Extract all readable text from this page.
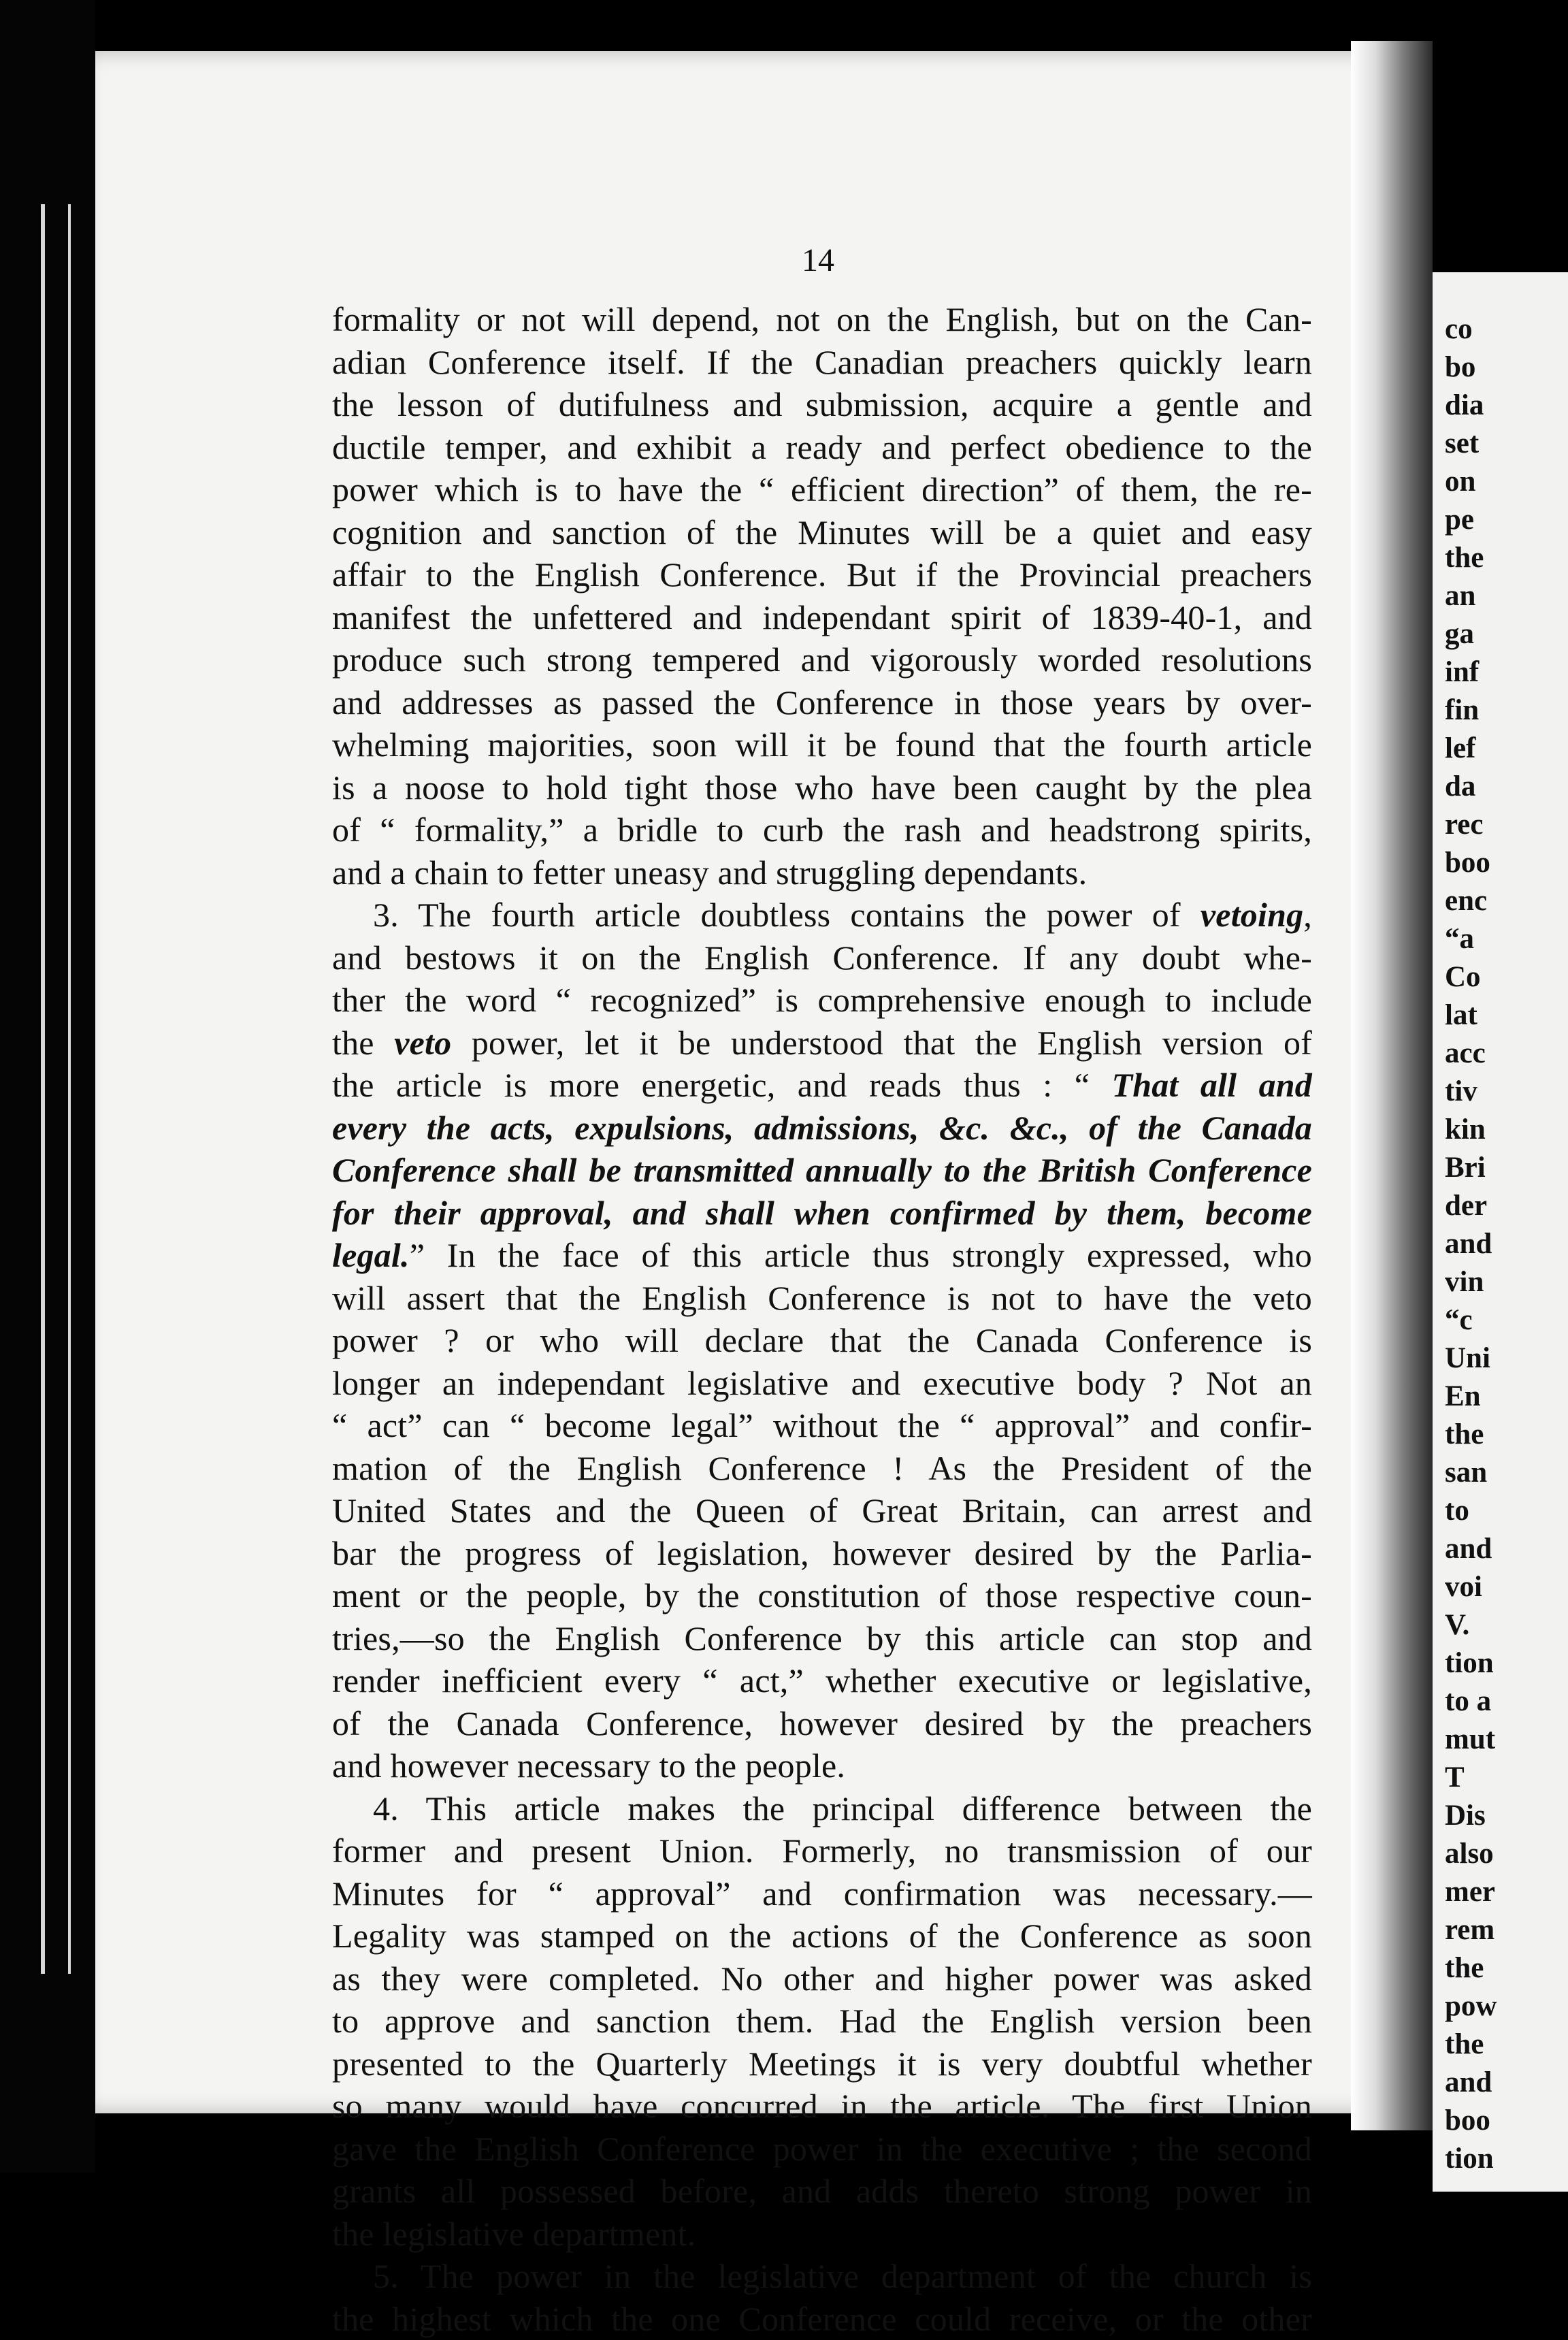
co
bo
dia
set
on
pe
the
an
ga
inf
fin
lef
da
rec
boo
enc
“a
Co
lat
acc
tiv
kin
Bri
der
and
vin
“c
Uni
En
the
san
to
and
voi
V.
tion
to a
mut
T
Dis
also
mer
rem
the
pow
the
and
boo
tion
14
formality or not will depend, not on the English, but on the Can-
adian Conference itself. If the Canadian preachers quickly learn
the lesson of dutifulness and submission, acquire a gentle and
ductile temper, and exhibit a ready and perfect obedience to the
power which is to have the “ efficient direction” of them, the re-
cognition and sanction of the Minutes will be a quiet and easy
affair to the English Conference. But if the Provincial preachers
manifest the unfettered and independant spirit of 1839-40-1, and
produce such strong tempered and vigorously worded resolutions
and addresses as passed the Conference in those years by over-
whelming majorities, soon will it be found that the fourth article
is a noose to hold tight those who have been caught by the plea
of “ formality,” a bridle to curb the rash and headstrong spirits,
and a chain to fetter uneasy and struggling dependants.
3. The fourth article doubtless contains the power of vetoing,
and bestows it on the English Conference. If any doubt whe-
ther the word “ recognized” is comprehensive enough to include
the veto power, let it be understood that the English version of
the article is more energetic, and reads thus : “ That all and
every the acts, expulsions, admissions, &c. &c., of the Canada
Conference shall be transmitted annually to the British Conference
for their approval, and shall when confirmed by them, become
legal.” In the face of this article thus strongly expressed, who
will assert that the English Conference is not to have the veto
power ? or who will declare that the Canada Conference is
longer an independant legislative and executive body ? Not an
“ act” can “ become legal” without the “ approval” and confir-
mation of the English Conference ! As the President of the
United States and the Queen of Great Britain, can arrest and
bar the progress of legislation, however desired by the Parlia-
ment or the people, by the constitution of those respective coun-
tries,—so the English Conference by this article can stop and
render inefficient every “ act,” whether executive or legislative,
of the Canada Conference, however desired by the preachers
and however necessary to the people.
4. This article makes the principal difference between the
former and present Union. Formerly, no transmission of our
Minutes for “ approval” and confirmation was necessary.—
Legality was stamped on the actions of the Conference as soon
as they were completed. No other and higher power was asked
to approve and sanction them. Had the English version been
presented to the Quarterly Meetings it is very doubtful whether
so many would have concurred in the article. The first Union
gave the English Conference power in the executive ; the second
grants all possessed before, and adds thereto strong power in
the legislative department.
5. The power in the legislative department of the church is
the highest which the one Conference could receive, or the other
